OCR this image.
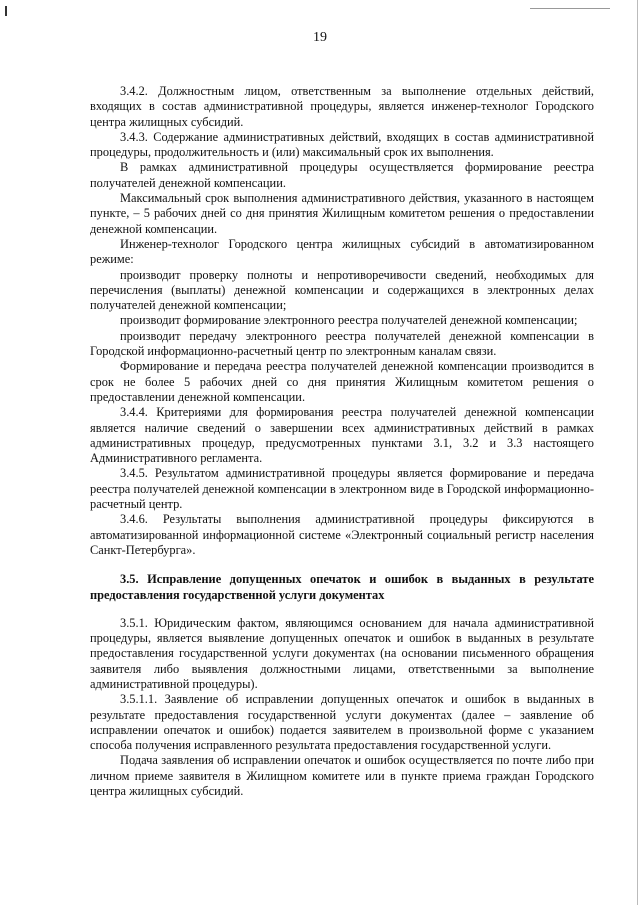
19

3.4.2. Должностным лицом, ответственным за выполнение отдельных действий, входящих в состав административной процедуры, является инженер-технолог Городского центра жилищных субсидий.

3.4.3. Содержание административных действий, входящих в состав административной процедуры, продолжительность и (или) максимальный срок их выполнения.

В рамках административной процедуры осуществляется формирование реестра получателей денежной компенсации.

Максимальный срок выполнения административного действия, указанного в настоящем пункте, – 5 рабочих дней со дня принятия Жилищным комитетом решения о предоставлении денежной компенсации.

Инженер-технолог Городского центра жилищных субсидий в автоматизированном режиме:

производит проверку полноты и непротиворечивости сведений, необходимых для перечисления (выплаты) денежной компенсации и содержащихся в электронных делах получателей денежной компенсации;

производит формирование электронного реестра получателей денежной компенсации;

производит передачу электронного реестра получателей денежной компенсации в Городской информационно-расчетный центр по электронным каналам связи.

Формирование и передача реестра получателей денежной компенсации производится в срок не более 5 рабочих дней со дня принятия Жилищным комитетом решения о предоставлении денежной компенсации.

3.4.4. Критериями для формирования реестра получателей денежной компенсации является наличие сведений о завершении всех административных действий в рамках административных процедур, предусмотренных пунктами 3.1, 3.2 и 3.3 настоящего Административного регламента.

3.4.5. Результатом административной процедуры является формирование и передача реестра получателей денежной компенсации в электронном виде в Городской информационно-расчетный центр.

3.4.6. Результаты выполнения административной процедуры фиксируются в автоматизированной информационной системе «Электронный социальный регистр населения Санкт-Петербурга».

3.5. Исправление допущенных опечаток и ошибок в выданных в результате предоставления государственной услуги документах

3.5.1. Юридическим фактом, являющимся основанием для начала административной процедуры, является выявление допущенных опечаток и ошибок в выданных в результате предоставления государственной услуги документах (на основании письменного обращения заявителя либо выявления должностными лицами, ответственными за выполнение административной процедуры).

3.5.1.1. Заявление об исправлении допущенных опечаток и ошибок в выданных в результате предоставления государственной услуги документах (далее – заявление об исправлении опечаток и ошибок) подается заявителем в произвольной форме с указанием способа получения исправленного результата предоставления государственной услуги.

Подача заявления об исправлении опечаток и ошибок осуществляется по почте либо при личном приеме заявителя в Жилищном комитете или в пункте приема граждан Городского центра жилищных субсидий.
